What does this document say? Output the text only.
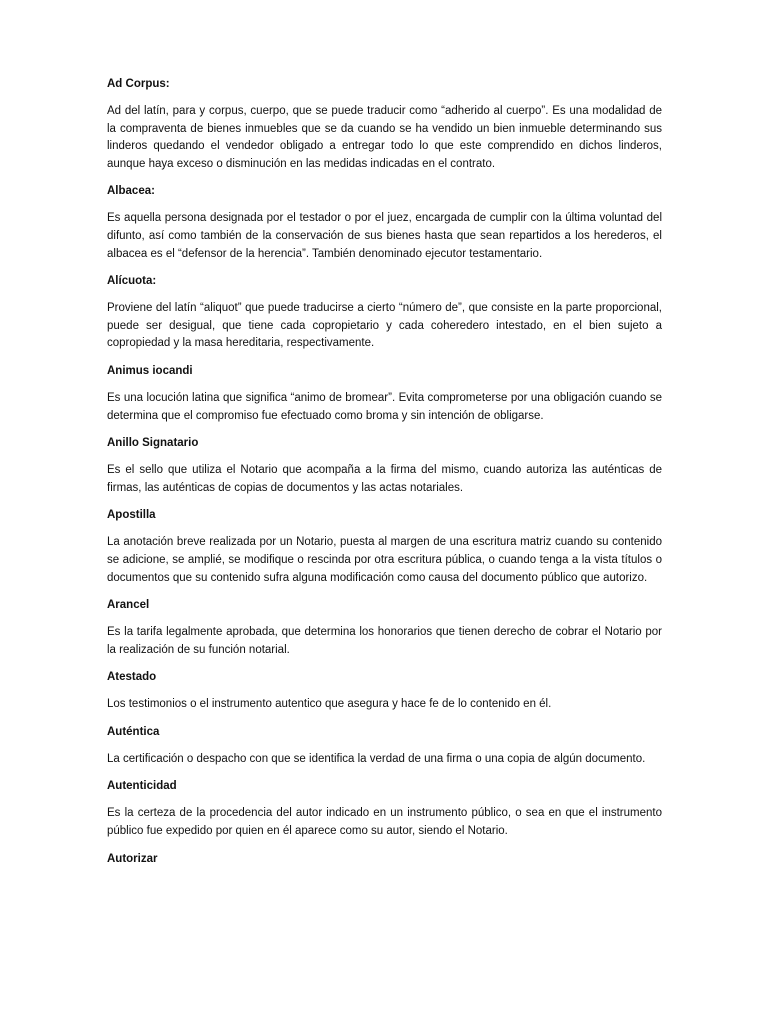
Ad Corpus:

Ad del latín, para y corpus, cuerpo, que se puede traducir como “adherido al cuerpo”. Es una modalidad de la compraventa de bienes inmuebles que se da cuando se ha vendido un bien inmueble determinando sus linderos quedando el vendedor obligado a entregar todo lo que este comprendido en dichos linderos, aunque haya exceso o disminución en las medidas indicadas en el contrato.

Albacea:

Es aquella persona designada por el testador o por el juez, encargada de cumplir con la última voluntad del difunto, así como también de la conservación de sus bienes hasta que sean repartidos a los herederos, el albacea es el “defensor de la herencia”. También denominado ejecutor testamentario.

Alícuota:

Proviene del latín “aliquot” que puede traducirse a cierto “número de”, que consiste en la parte proporcional, puede ser desigual, que tiene cada copropietario y cada coheredero intestado, en el bien sujeto a copropiedad y la masa hereditaria, respectivamente.

Animus iocandi

Es una locución latina que significa “animo de bromear”. Evita comprometerse por una obligación cuando se determina que el compromiso fue efectuado como broma y sin intención de obligarse.

Anillo Signatario

Es el sello que utiliza el Notario que acompaña a la firma del mismo, cuando autoriza las auténticas de firmas, las auténticas de copias de documentos y las actas notariales.

Apostilla

La anotación breve realizada por un Notario, puesta al margen de una escritura matriz cuando su contenido se adicione, se amplié, se modifique o rescinda por otra escritura pública, o cuando tenga a la vista títulos o documentos que su contenido sufra alguna modificación como causa del documento público que autorizo.

Arancel

Es la tarifa legalmente aprobada, que determina los honorarios que tienen derecho de cobrar el Notario por la realización de su función notarial.

Atestado

Los testimonios o el instrumento autentico que asegura y hace fe de lo contenido en él.

Auténtica

La certificación o despacho con que se identifica la verdad de una firma o una copia de algún documento.

Autenticidad

Es la certeza de la procedencia del autor indicado en un instrumento público, o sea en que el instrumento público fue expedido por quien en él aparece como su autor, siendo el Notario.

Autorizar
